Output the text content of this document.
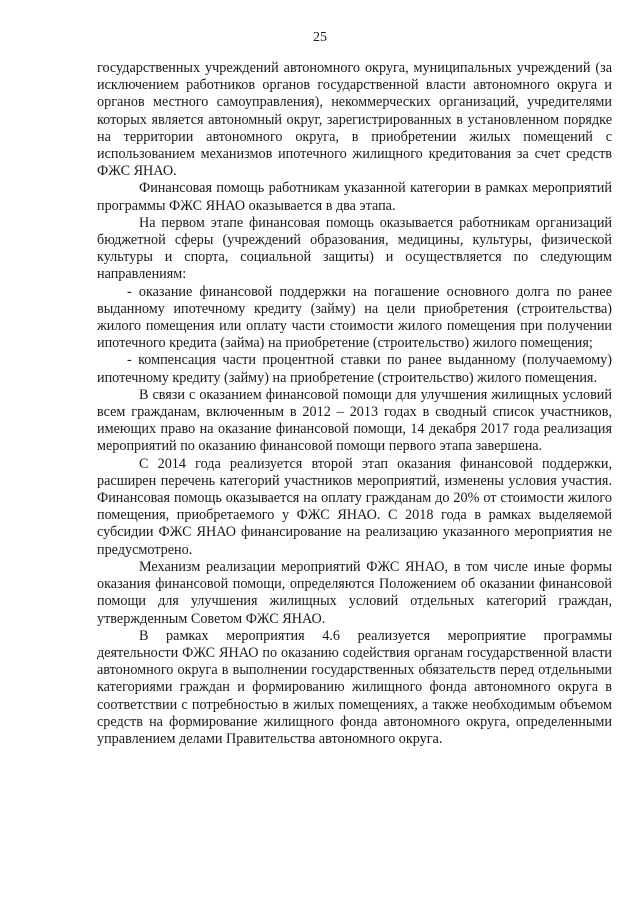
25

государственных учреждений автономного округа, муниципальных учреждений (за исключением работников органов государственной власти автономного округа и органов местного самоуправления), некоммерческих организаций, учредителями которых является автономный округ, зарегистрированных в установленном порядке на территории автономного округа, в приобретении жилых помещений с использованием механизмов ипотечного жилищного кредитования за счет средств ФЖС ЯНАО.

Финансовая помощь работникам указанной категории в рамках мероприятий программы ФЖС ЯНАО оказывается в два этапа.

На первом этапе финансовая помощь оказывается работникам организаций бюджетной сферы (учреждений образования, медицины, культуры, физической культуры и спорта, социальной защиты) и осуществляется по следующим направлениям:

- оказание финансовой поддержки на погашение основного долга по ранее выданному ипотечному кредиту (займу) на цели приобретения (строительства) жилого помещения или оплату части стоимости жилого помещения при получении ипотечного кредита (займа) на приобретение (строительство) жилого помещения;

- компенсация части процентной ставки по ранее выданному (получаемому) ипотечному кредиту (займу) на приобретение (строительство) жилого помещения.

В связи с оказанием финансовой помощи для улучшения жилищных условий всем гражданам, включенным в 2012 – 2013 годах в сводный список участников, имеющих право на оказание финансовой помощи, 14 декабря 2017 года реализация мероприятий по оказанию финансовой помощи первого этапа завершена.

С 2014 года реализуется второй этап оказания финансовой поддержки, расширен перечень категорий участников мероприятий, изменены условия участия. Финансовая помощь оказывается на оплату гражданам до 20% от стоимости жилого помещения, приобретаемого у ФЖС ЯНАО. С 2018 года в рамках выделяемой субсидии ФЖС ЯНАО финансирование на реализацию указанного мероприятия не предусмотрено.

Механизм реализации мероприятий ФЖС ЯНАО, в том числе иные формы оказания финансовой помощи, определяются Положением об оказании финансовой помощи для улучшения жилищных условий отдельных категорий граждан, утвержденным Советом ФЖС ЯНАО.

В рамках мероприятия 4.6 реализуется мероприятие программы деятельности ФЖС ЯНАО по оказанию содействия органам государственной власти автономного округа в выполнении государственных обязательств перед отдельными категориями граждан и формированию жилищного фонда автономного округа в соответствии с потребностью в жилых помещениях, а также необходимым объемом средств на формирование жилищного фонда автономного округа, определенными управлением делами Правительства автономного округа.
